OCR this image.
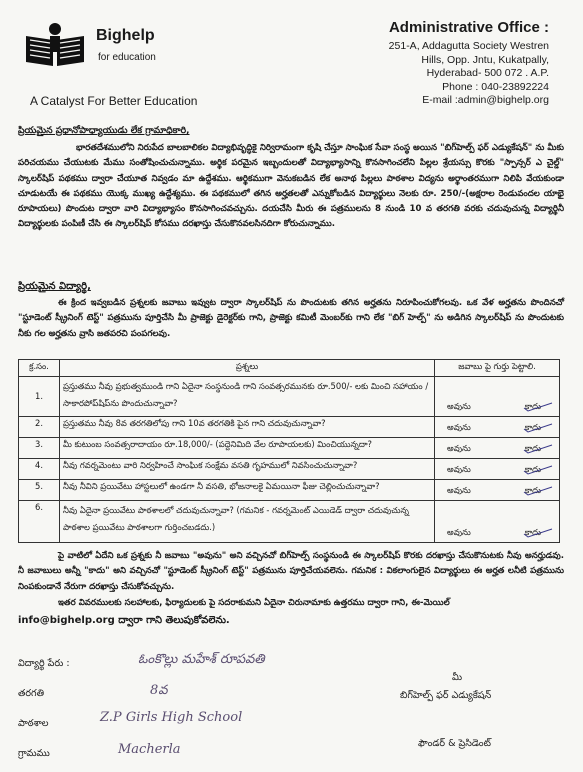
Bighelp
for education
A Catalyst For Better Education
Administrative Office :
251-A, Addagutta Society Westren
Hills, Opp. Jntu, Kukatpally,
Hyderabad- 500 072 . A.P.
Phone : 040-23892224
E-mail :admin@bighelp.org
ప్రియమైన ప్రధానోపాధ్యాయుడు లేక గ్రామాధికారి,
భారతదేశములోని నిరుపేద బాలబాలికల విద్యాభివృద్ధికై నిర్విరామంగా కృషి చేస్తూ సాంఘిక సేవా సంస్థ అయిన "బిగ్‌హెల్ప్ ఫర్ ఎడ్యుకేషన్" ను మీకు పరిచయము చేయుటకు మేము సంతోషించుచున్నాము. అర్థిక పరమైన ఇబ్బందులతో విద్యాభ్యాసాన్ని కొనసాగించలేని పిల్లల శ్రేయస్సు కొరకు "స్పాన్సర్ ఎ చైల్డ్" స్కాలర్‌షిప్ పథకము ద్వారా చేయూత నివ్వడం మా ఉద్దేశము. ఆర్థికముగా వెనుకబడిన లేక అనాథ పిల్లలు పాఠశాల విద్యను అర్థాంతరముగా నిలిపి వేయకుండా చూడుటయే ఈ పథకము యొక్క ముఖ్య ఉద్దేశ్యము. ఈ పథకములో తగిన అర్హతలతో ఎన్నుకోబడిన విద్యార్థులు నెలకు రూ. 250/-(అక్షరాల రెండువందల యాభై రూపాయలు) పొందుట ద్వారా వారి విద్యాభ్యాసం కొనసాగించవచ్చును. దయచేసి మీరు ఈ పత్రములను 8 నుండి 10 వ తరగతి వరకు చదువుచున్న విద్యార్థినీ విద్యార్థులకు పంపిణీ చేసి ఈ స్కాలర్‌షిప్ కోసము దరఖాస్తు చేసుకొనవలసినదిగా కోరుచున్నాము.
ప్రియమైన విద్యార్థి,
ఈ క్రింద ఇవ్వబడిన ప్రశ్నలకు జవాబు ఇవ్వుట ద్వారా స్కాలర్‌షిప్ ను పొందుటకు తగిన అర్హతను నిరూపించుకోగలవు. ఒక వేళ అర్హతను పొందినచో "స్టూడెంట్ స్క్రీనింగ్ టెస్ట్" పత్రమును పూర్తిచేసి మీ ప్రాజెక్టు డైరెక్టర్‌కు గాని, ప్రాజెక్టు కమిటీ మెంబర్‌కు గాని లేక "బిగ్ హెల్ప్" ను అడిగిన స్కాలర్‌షిప్ ను పొందుటకు నీకు గల అర్హతను వ్రాసి జతపరచి పంపగలవు.
క్ర.సం.	ప్రశ్నలు	జవాబు పై గుర్తు పెట్టాలి.
1.	ప్రస్తుతము నీవు ప్రభుత్వముండి గాని ఏదైనా సంస్థనుండి గాని సంవత్సరమునకు రూ.500/- లకు మించి సహాయం / సాకారపోప్‌షిప్‌ను పొందుచున్నావా?	అవును కాదు

2.	ప్రస్తుతము నీవు 8వ తరగతిలోపు గాని 10వ తరగతికి పైన గాని చదువుచున్నావా?	అవును కాదు

3.	మీ కుటుంబ సంవత్సరాదాయం రూ.18,000/- (పద్దెనిమిది వేల రూపాయలకు) మించియున్నదా?	అవును కాదు

4.	నీవు గవర్నమెంటు వారి నిర్వహించే సాంఘిక సంక్షేమ వసతి గృహములో నివసించుచున్నావా?	అవును కాదు

5.	నీవు నీవిని ప్రయివేటు హాస్టలులో ఉండగా నీ వసతి, భోజనాలకై ఏమయినా ఫీజు చెల్లించుచున్నావా?	అవును కాదు

6.	నీవు ఏదైనా ప్రయివేటు పాఠశాలలో చదువుచున్నావా? (గమనిక - గవర్నమెంట్ ఎయిడెడ్ ద్వారా చదువుచున్న పాఠశాల ప్రయివేటు పాఠశాలగా గుర్తించబడదు.)	అవును కాదు
పై వాటిలో ఏదేని ఒక ప్రశ్నకు నీ జవాబు "అవును" అని వచ్చినచో బిగ్‌హెల్ప్ సంస్థనుండి ఈ స్కాలర్‌షిప్ కొరకు దరఖాస్తు చేసుకొనుటకు నీవు అనర్హుడవు. నీ జవాబులు అన్నీ "కాదు" అని వచ్చినచో "స్టూడెంట్ స్క్రీనింగ్ టెస్ట్" పత్రమును పూర్తిచేయవలెను. గమనిక : వికలాంగులైన విద్యార్థులు ఈ అర్హత లనీటి పత్రమును నింపకుండానే నేరుగా దరఖాస్తు చేసుకోవచ్చును.
ఇతర వివరములకు సలహాలకు, ఫిర్యాదులకు పై సదరాకుమని ఏదైనా చిరునామాకు ఉత్తరము ద్వారా గాని, ఈ-మెయిల్
info@bighelp.org ద్వారా గాని తెలుపుకోవలెను.
విద్యార్థి పేరు :	ఓంకొల్లు మహేశ్ రూపవతి
తరగతి	8వ
పాఠశాల	Z.P Girls High School
గ్రామము	Macherla
మీ
బిగ్‌హెల్ప్ ఫర్ ఎడ్యుకేషన్
ఫౌండర్ & ప్రెసిడెంట్
